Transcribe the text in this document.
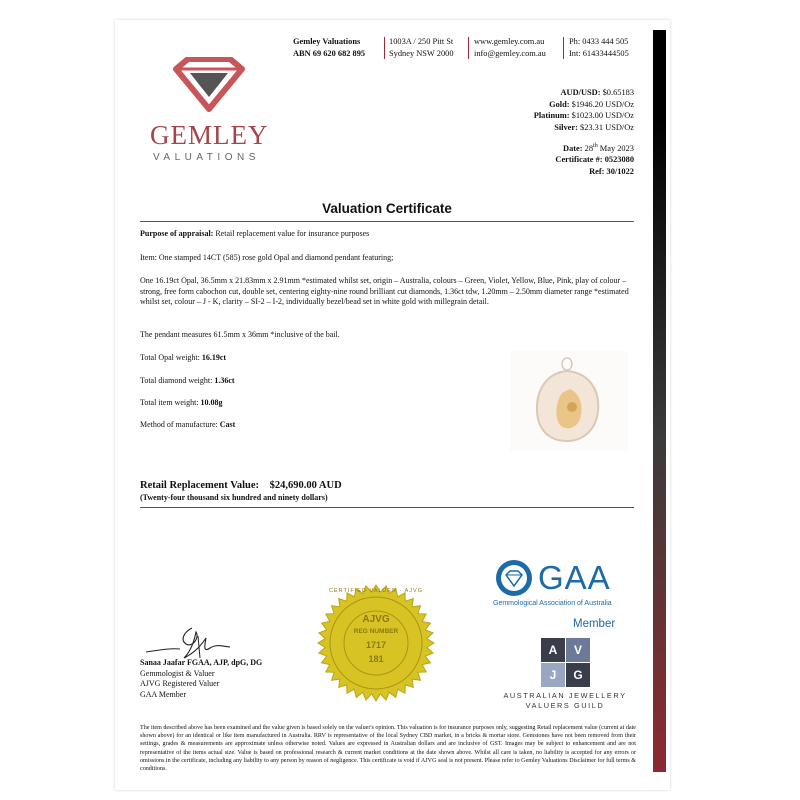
Gemley Valuations
ABN 69 620 682 895
1003A / 250 Pitt St
Sydney NSW 2000
www.gemley.com.au
info@gemley.com.au
Ph: 0433 444 505
Int: 61433444505
GEMLEY
VALUATIONS
AUD/USD: $0.65183
Gold: $1946.20 USD/Oz
Platinum: $1023.00 USD/Oz
Silver: $23.31 USD/Oz
Date: 28th May 2023
Certificate #: 0523080
Ref: 30/1022
Valuation Certificate
Purpose of appraisal: Retail replacement value for insurance purposes
Item: One stamped 14CT (585) rose gold Opal and diamond pendant featuring;
One 16.19ct Opal, 36.5mm x 21.83mm x 2.91mm *estimated whilst set, origin – Australia, colours – Green, Violet, Yellow, Blue, Pink, play of colour – strong, free form cabochon cut, double set, centering eighty-nine round brilliant cut diamonds, 1.36ct tdw, 1.20mm – 2.50mm diameter range *estimated whilst set, colour – J - K, clarity – SI-2 – I-2, individually bezel/bead set in white gold with millegrain detail.
The pendant measures 61.5mm x 36mm *inclusive of the bail.
Total Opal weight: 16.19ct
Total diamond weight: 1.36ct
Total item weight: 10.08g
Method of manufacture: Cast
Retail Replacement Value: $24,690.00 AUD
(Twenty-four thousand six hundred and ninety dollars)
CERTIFIED VALUER · AJVG
AJVG
REG NUMBER
1717
181
Sanaa Jaafar FGAA, AJP, dpG, DG
Gemmologist & Valuer
AJVG Registered Valuer
GAA Member
GAA
Gemmological Association of Australia
Member
A	V
J	G
AUSTRALIAN JEWELLERY
VALUERS GUILD
The item described above has been examined and the value given is based solely on the valuer's opinion. This valuation is for insurance purposes only, suggesting Retail replacement value (current at date shown above) for an identical or like item manufactured in Australia. RRV is representative of the local Sydney CBD market, in a bricks & mortar store. Gemstones have not been removed from their settings, grades & measurements are approximate unless otherwise noted. Values are expressed in Australian dollars and are inclusive of GST. Images may be subject to enhancement and are not representative of the items actual size. Value is based on professional research & current market conditions at the date shown above. Whilst all care is taken, no liability is accepted for any errors or omissions in the certificate, including any liability to any person by reason of negligence. This certificate is void if AJVG seal is not present. Please refer to Gemley Valuations Disclaimer for full terms & conditions.
